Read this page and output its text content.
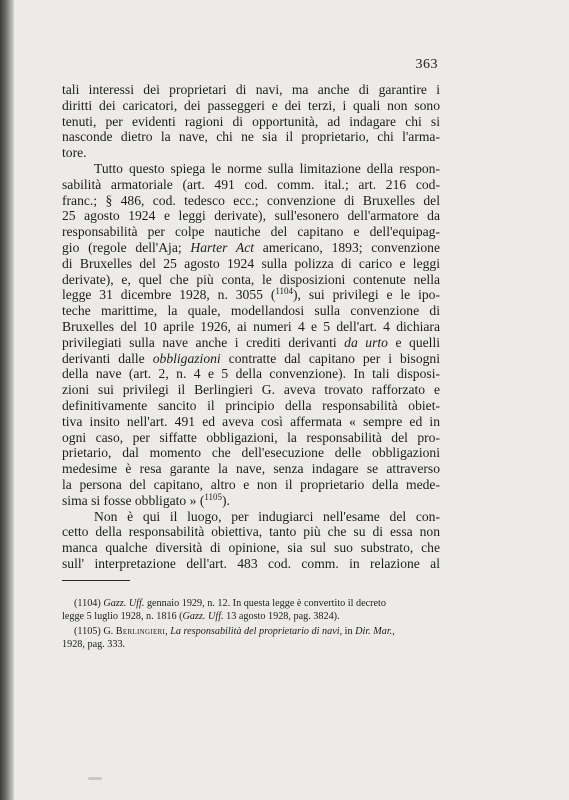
363

tali interessi dei proprietari di navi, ma anche di garantire i
diritti dei caricatori, dei passeggeri e dei terzi, i quali non sono
tenuti, per evidenti ragioni di opportunità, ad indagare chi si
nasconde dietro la nave, chi ne sia il proprietario, chi l'arma-
tore.

Tutto questo spiega le norme sulla limitazione della respon-
sabilità armatoriale (art. 491 cod. comm. ital.; art. 216 cod-
franc.; § 486, cod. tedesco ecc.; convenzione di Bruxelles del
25 agosto 1924 e leggi derivate), sull'esonero dell'armatore da
responsabilità per colpe nautiche del capitano e dell'equipag-
gio (regole dell'Aja; Harter Act americano, 1893; convenzione
di Bruxelles del 25 agosto 1924 sulla polizza di carico e leggi
derivate), e, quel che più conta, le disposizioni contenute nella
legge 31 dicembre 1928, n. 3055 ($^{1104}$), sui privilegi e le ipo-
teche marittime, la quale, modellandosi sulla convenzione di
Bruxelles del 10 aprile 1926, ai numeri 4 e 5 dell'art. 4 dichiara
privilegiati sulla nave anche i crediti derivanti da urto e quelli
derivanti dalle obbligazioni contratte dal capitano per i bisogni
della nave (art. 2, n. 4 e 5 della convenzione). In tali disposi-
zioni sui privilegi il Berlingieri G. aveva trovato rafforzato e
definitivamente sancito il principio della responsabilità obiet-
tiva insito nell'art. 491 ed aveva così affermata « sempre ed in
ogni caso, per siffatte obbligazioni, la responsabilità del pro-
prietario, dal momento che dell'esecuzione delle obbligazioni
medesime è resa garante la nave, senza indagare se attraverso
la persona del capitano, altro e non il proprietario della mede-
sima si fosse obbligato » ($^{1105}$).

Non è qui il luogo, per indugiarci nell'esame del con-
cetto della responsabilità obiettiva, tanto più che su di essa non
manca qualche diversità di opinione, sia sul suo substrato, che
sull' interpretazione dell'art. 483 cod. comm. in relazione al

(1104) Gazz. Uff. gennaio 1929, n. 12. In questa legge è convertito il decreto
legge 5 luglio 1928, n. 1816 (Gazz. Uff. 13 agosto 1928, pag. 3824).

(1105) G. Berlingieri, La responsabilità del proprietario di navi, in Dir. Mar.,
1928, pag. 333.
